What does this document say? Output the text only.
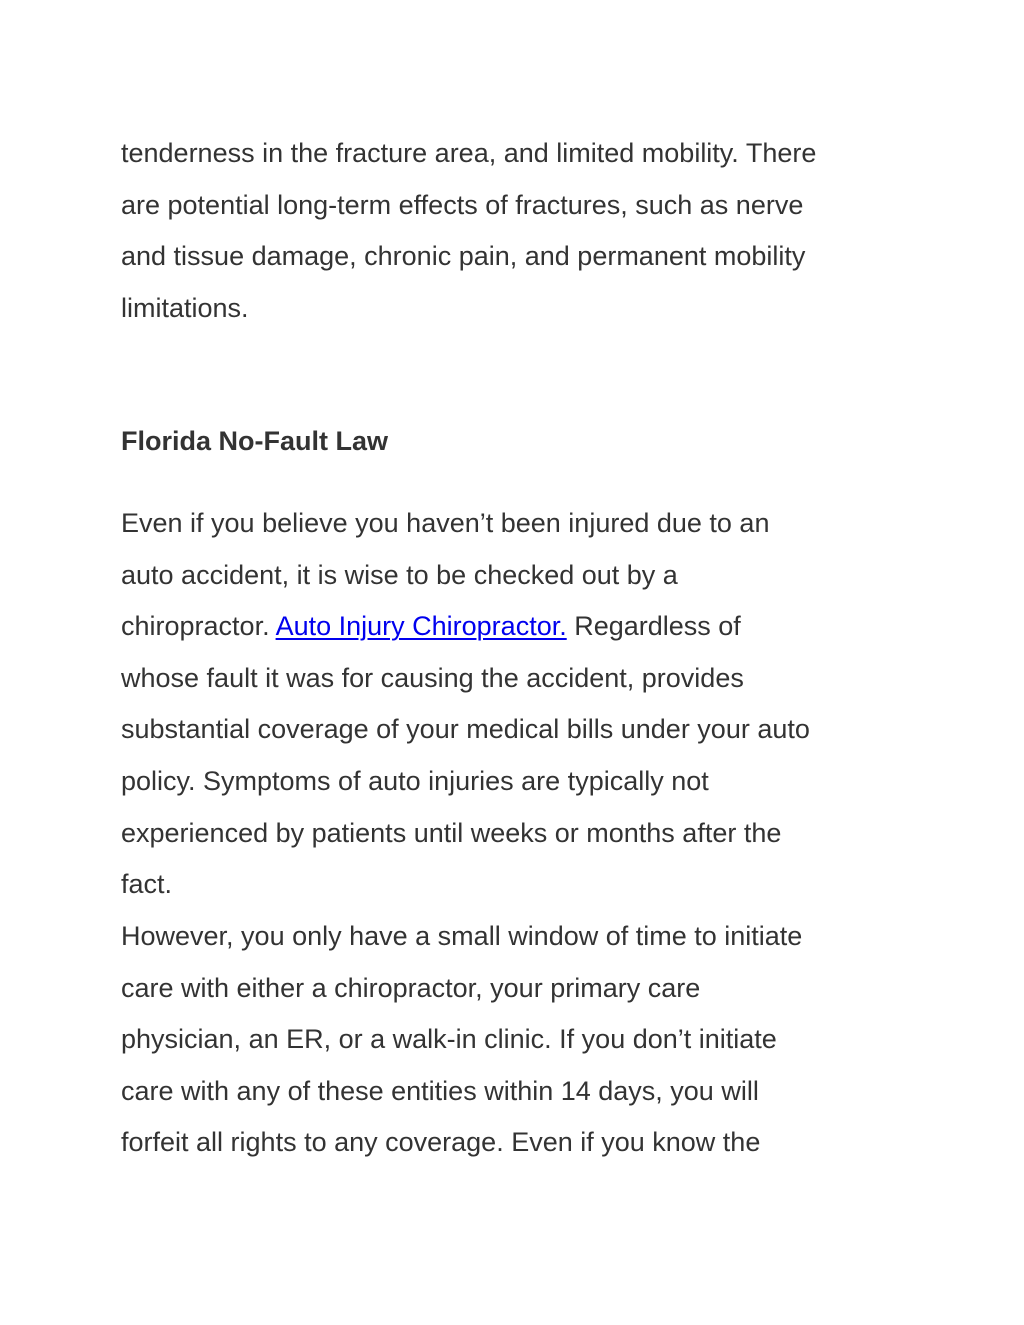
tenderness in the fracture area, and limited mobility. There
are potential long-term effects of fractures, such as nerve
and tissue damage, chronic pain, and permanent mobility
limitations.

Florida No-Fault Law

Even if you believe you haven’t been injured due to an
auto accident, it is wise to be checked out by a
chiropractor. Auto Injury Chiropractor. Regardless of
whose fault it was for causing the accident, provides
substantial coverage of your medical bills under your auto
policy. Symptoms of auto injuries are typically not
experienced by patients until weeks or months after the
fact.

However, you only have a small window of time to initiate
care with either a chiropractor, your primary care
physician, an ER, or a walk-in clinic. If you don’t initiate
care with any of these entities within 14 days, you will
forfeit all rights to any coverage. Even if you know the
